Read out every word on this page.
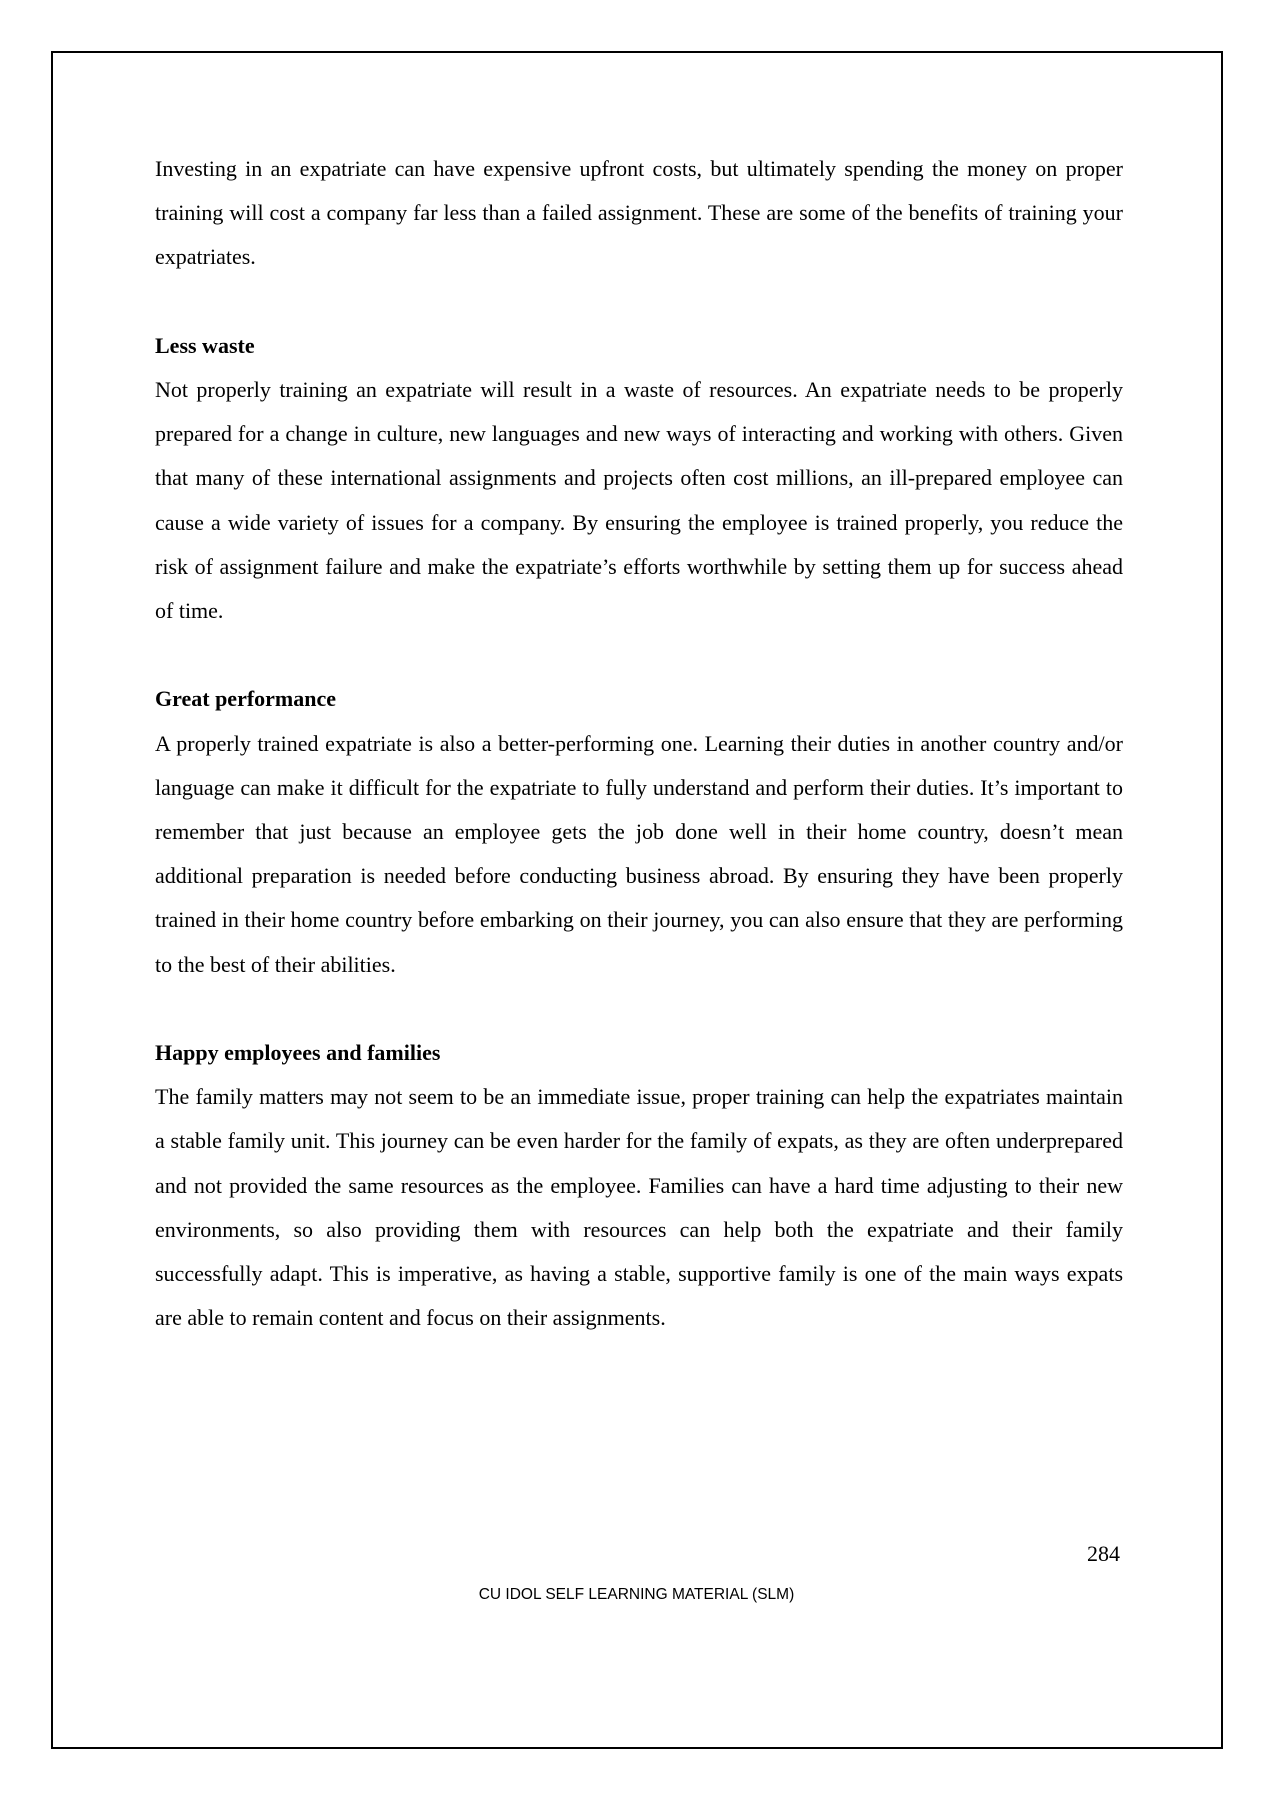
Investing in an expatriate can have expensive upfront costs, but ultimately spending the money on proper training will cost a company far less than a failed assignment. These are some of the benefits of training your expatriates.

Less waste

Not properly training an expatriate will result in a waste of resources. An expatriate needs to be properly prepared for a change in culture, new languages and new ways of interacting and working with others. Given that many of these international assignments and projects often cost millions, an ill-prepared employee can cause a wide variety of issues for a company. By ensuring the employee is trained properly, you reduce the risk of assignment failure and make the expatriate’s efforts worthwhile by setting them up for success ahead of time.

Great performance

A properly trained expatriate is also a better-performing one. Learning their duties in another country and/or language can make it difficult for the expatriate to fully understand and perform their duties. It’s important to remember that just because an employee gets the job done well in their home country, doesn’t mean additional preparation is needed before conducting business abroad. By ensuring they have been properly trained in their home country before embarking on their journey, you can also ensure that they are performing to the best of their abilities.

Happy employees and families

The family matters may not seem to be an immediate issue, proper training can help the expatriates maintain a stable family unit. This journey can be even harder for the family of expats, as they are often underprepared and not provided the same resources as the employee. Families can have a hard time adjusting to their new environments, so also providing them with resources can help both the expatriate and their family successfully adapt. This is imperative, as having a stable, supportive family is one of the main ways expats are able to remain content and focus on their assignments.

284
CU IDOL SELF LEARNING MATERIAL (SLM)
